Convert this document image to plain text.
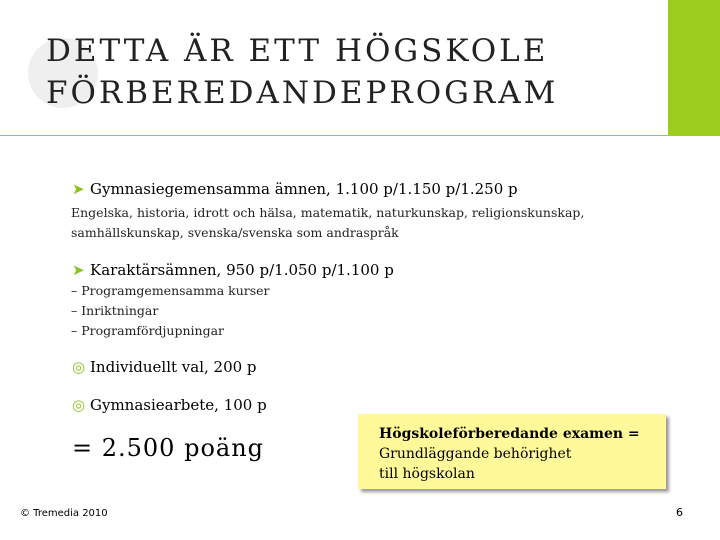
DETTA ÄR ETT HÖGSKOLE
FÖRBEREDANDEPROGRAM
➤ Gymnasiegemensamma ämnen, 1.100 p/1.150 p/1.250 p
Engelska, historia, idrott och hälsa, matematik, naturkunskap, religionskunskap,
samhällskunskap, svenska/svenska som andraspråk
➤ Karaktärsämnen, 950 p/1.050 p/1.100 p
– Programgemensamma kurser
– Inriktningar
– Programfördjupningar
◎ Individuellt val, 200 p
◎ Gymnasiearbete, 100 p
= 2.500 poäng	Högskoleförberedande examen =

Grundläggande behörighet

till högskolan

© Tremedia 2010	6
